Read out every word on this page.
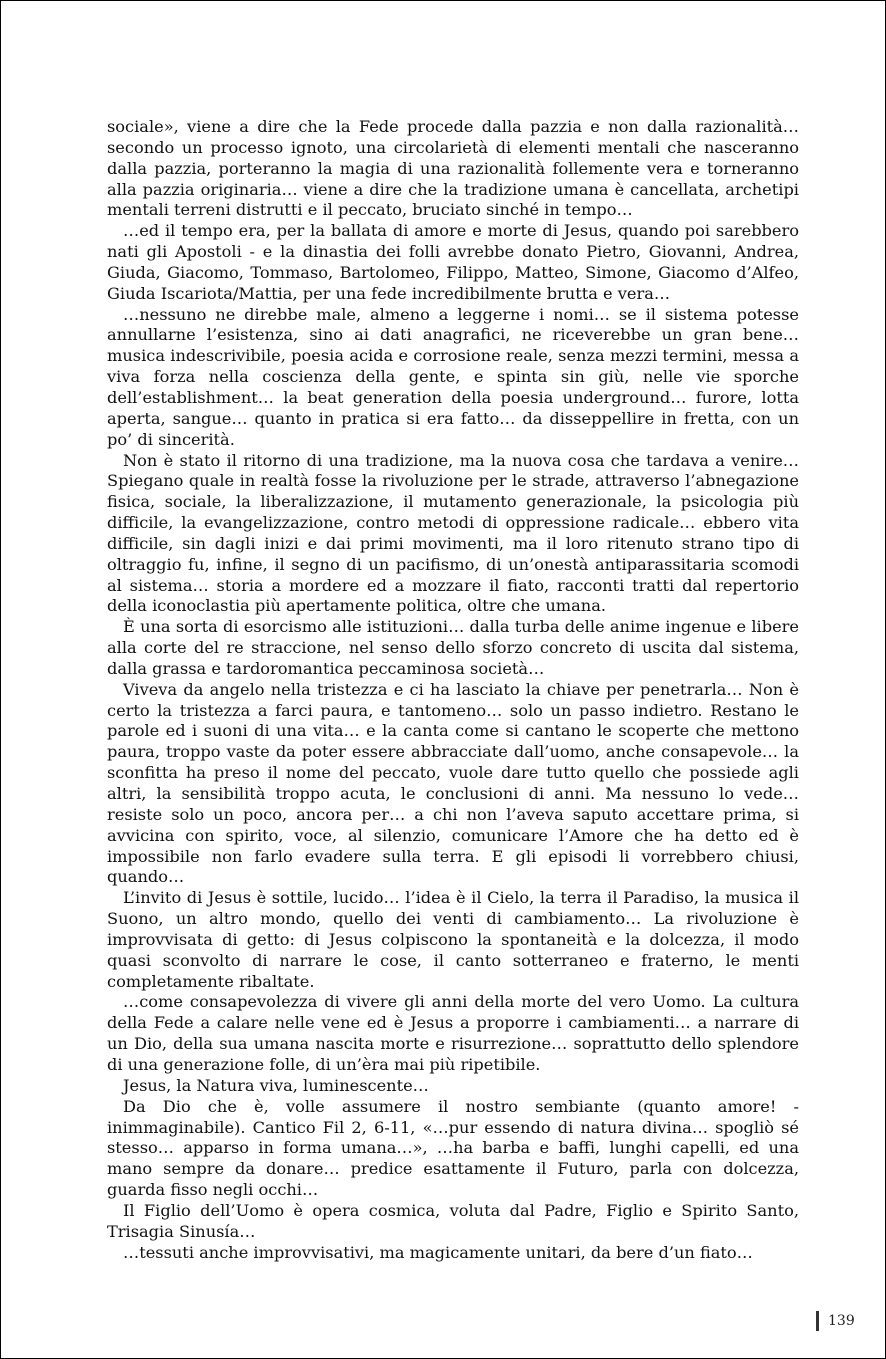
sociale», viene a dire che la Fede procede dalla pazzia e non dalla razionalità… secondo un processo ignoto, una circolarietà di elementi mentali che nasceranno dalla pazzia, porteranno la magia di una razionalità follemente vera e torneranno alla pazzia originaria… viene a dire che la tradizione umana è cancellata, archetipi mentali terreni distrutti e il peccato, bruciato sinché in tempo…

…ed il tempo era, per la ballata di amore e morte di Jesus, quando poi sarebbero nati gli Apostoli - e la dinastia dei folli avrebbe donato Pietro, Giovanni, Andrea, Giuda, Giacomo, Tommaso, Bartolomeo, Filippo, Matteo, Simone, Giacomo d’Alfeo, Giuda Iscariota/Mattia, per una fede incredibilmente brutta e vera…

…nessuno ne direbbe male, almeno a leggerne i nomi… se il sistema potesse annullarne l’esistenza, sino ai dati anagrafici, ne riceverebbe un gran bene… musica indescrivibile, poesia acida e corrosione reale, senza mezzi termini, messa a viva forza nella coscienza della gente, e spinta sin giù, nelle vie sporche dell’establishment… la beat generation della poesia underground… furore, lotta aperta, sangue… quanto in pratica si era fatto… da disseppellire in fretta, con un po’ di sincerità.

Non è stato il ritorno di una tradizione, ma la nuova cosa che tardava a venire… Spiegano quale in realtà fosse la rivoluzione per le strade, attraverso l’abnegazione fisica, sociale, la liberalizzazione, il mutamento generazionale, la psicologia più difficile, la evangelizzazione, contro metodi di oppressione radicale… ebbero vita difficile, sin dagli inizi e dai primi movimenti, ma il loro ritenuto strano tipo di oltraggio fu, infine, il segno di un pacifismo, di un’onestà antiparassitaria scomodi al sistema… storia a mordere ed a mozzare il fiato, racconti tratti dal repertorio della iconoclastia più apertamente politica, oltre che umana.

È una sorta di esorcismo alle istituzioni… dalla turba delle anime ingenue e libere alla corte del re straccione, nel senso dello sforzo concreto di uscita dal sistema, dalla grassa e tardoromantica peccaminosa società…

Viveva da angelo nella tristezza e ci ha lasciato la chiave per penetrarla… Non è certo la tristezza a farci paura, e tantomeno… solo un passo indietro. Restano le parole ed i suoni di una vita… e la canta come si cantano le scoperte che mettono paura, troppo vaste da poter essere abbracciate dall’uomo, anche consapevole… la sconfitta ha preso il nome del peccato, vuole dare tutto quello che possiede agli altri, la sensibilità troppo acuta, le conclusioni di anni. Ma nessuno lo vede… resiste solo un poco, ancora per… a chi non l’aveva saputo accettare prima, si avvicina con spirito, voce, al silenzio, comunicare l’Amore che ha detto ed è impossibile non farlo evadere sulla terra. E gli episodi li vorrebbero chiusi, quando…

L’invito di Jesus è sottile, lucido… l’idea è il Cielo, la terra il Paradiso, la musica il Suono, un altro mondo, quello dei venti di cambiamento… La rivoluzione è improvvisata di getto: di Jesus colpiscono la spontaneità e la dolcezza, il modo quasi sconvolto di narrare le cose, il canto sotterraneo e fraterno, le menti completamente ribaltate.

…come consapevolezza di vivere gli anni della morte del vero Uomo. La cultura della Fede a calare nelle vene ed è Jesus a proporre i cambiamenti… a narrare di un Dio, della sua umana nascita morte e risurrezione… soprattutto dello splendore di una generazione folle, di un’èra mai più ripetibile.

Jesus, la Natura viva, luminescente…

Da Dio che è, volle assumere il nostro sembiante (quanto amore! - inimmaginabile). Cantico Fil 2, 6-11, «…pur essendo di natura divina… spogliò sé stesso… apparso in forma umana…», …ha barba e baffi, lunghi capelli, ed una mano sempre da donare… predice esattamente il Futuro, parla con dolcezza, guarda fisso negli occhi…

Il Figlio dell’Uomo è opera cosmica, voluta dal Padre, Figlio e Spirito Santo, Trisagia Sinusía…

…tessuti anche improvvisativi, ma magicamente unitari, da bere d’un fiato…

139
